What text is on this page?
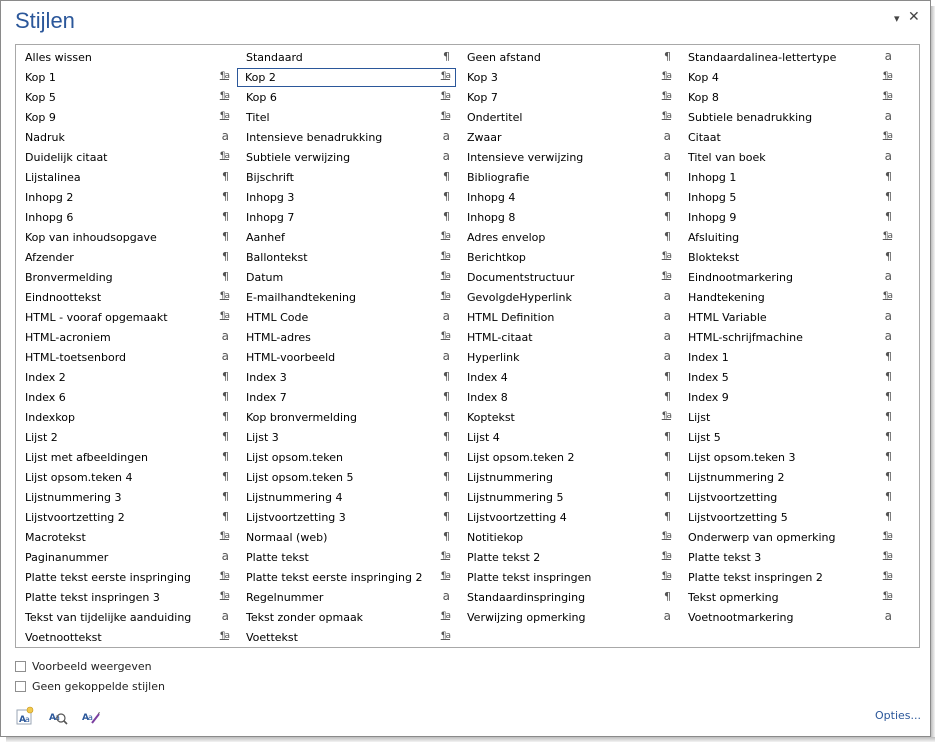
Stijlen	▾ ✕
Alles wissen	Standaard	¶ Geen afstand	¶ Standaardalinea-lettertype	a
Kop 1	¶a Kop 2	¶a Kop 3	¶a Kop 4	¶a
Kop 5	¶a Kop 6	¶a Kop 7	¶a Kop 8	¶a
Kop 9	¶a Titel	¶a Ondertitel	¶a Subtiele benadrukking	a
Nadruk	a Intensieve benadrukking	a Zwaar	a Citaat	¶a
Duidelijk citaat	¶a Subtiele verwijzing	a Intensieve verwijzing	a Titel van boek	a
Lijstalinea	¶ Bijschrift	¶ Bibliografie	¶ Inhopg 1	¶
Inhopg 2	¶ Inhopg 3	¶ Inhopg 4	¶ Inhopg 5	¶
Inhopg 6	¶ Inhopg 7	¶ Inhopg 8	¶ Inhopg 9	¶
Kop van inhoudsopgave	¶ Aanhef	¶a Adres envelop	¶ Afsluiting	¶a
Afzender	¶ Ballontekst	¶a Berichtkop	¶a Bloktekst	¶
Bronvermelding	¶ Datum	¶a Documentstructuur	¶a Eindnootmarkering	a
Eindnoottekst	¶a E-mailhandtekening	¶a GevolgdeHyperlink	a Handtekening	¶a
HTML - vooraf opgemaakt	¶a HTML Code	a HTML Definition	a HTML Variable	a
HTML-acroniem	a HTML-adres	¶a HTML-citaat	a HTML-schrijfmachine	a
HTML-toetsenbord	a HTML-voorbeeld	a Hyperlink	a Index 1	¶
Index 2	¶ Index 3	¶ Index 4	¶ Index 5	¶
Index 6	¶ Index 7	¶ Index 8	¶ Index 9	¶
Indexkop	¶ Kop bronvermelding	¶ Koptekst	¶a Lijst	¶
Lijst 2	¶ Lijst 3	¶ Lijst 4	¶ Lijst 5	¶
Lijst met afbeeldingen	¶ Lijst opsom.teken	¶ Lijst opsom.teken 2	¶ Lijst opsom.teken 3	¶
Lijst opsom.teken 4	¶ Lijst opsom.teken 5	¶ Lijstnummering	¶ Lijstnummering 2	¶
Lijstnummering 3	¶ Lijstnummering 4	¶ Lijstnummering 5	¶ Lijstvoortzetting	¶
Lijstvoortzetting 2	¶ Lijstvoortzetting 3	¶ Lijstvoortzetting 4	¶ Lijstvoortzetting 5	¶
Macrotekst	¶a Normaal (web)	¶ Notitiekop	¶a Onderwerp van opmerking	¶a
Paginanummer	a Platte tekst	¶a Platte tekst 2	¶a Platte tekst 3	¶a
Platte tekst eerste inspringing	¶a Platte tekst eerste inspringing 2 ¶a Platte tekst inspringen	¶a Platte tekst inspringen 2	¶a
Platte tekst inspringen 3	¶a Regelnummer	a Standaardinspringing	¶ Tekst opmerking	¶a
Tekst van tijdelijke aanduiding	a Tekst zonder opmaak	¶a Verwijzing opmerking	a Voetnootmarkering	a
Voetnoottekst	¶a Voettekst	¶a
Voorbeeld weergeven
Geen gekoppelde stijlen
A a A a A a	Opties...
